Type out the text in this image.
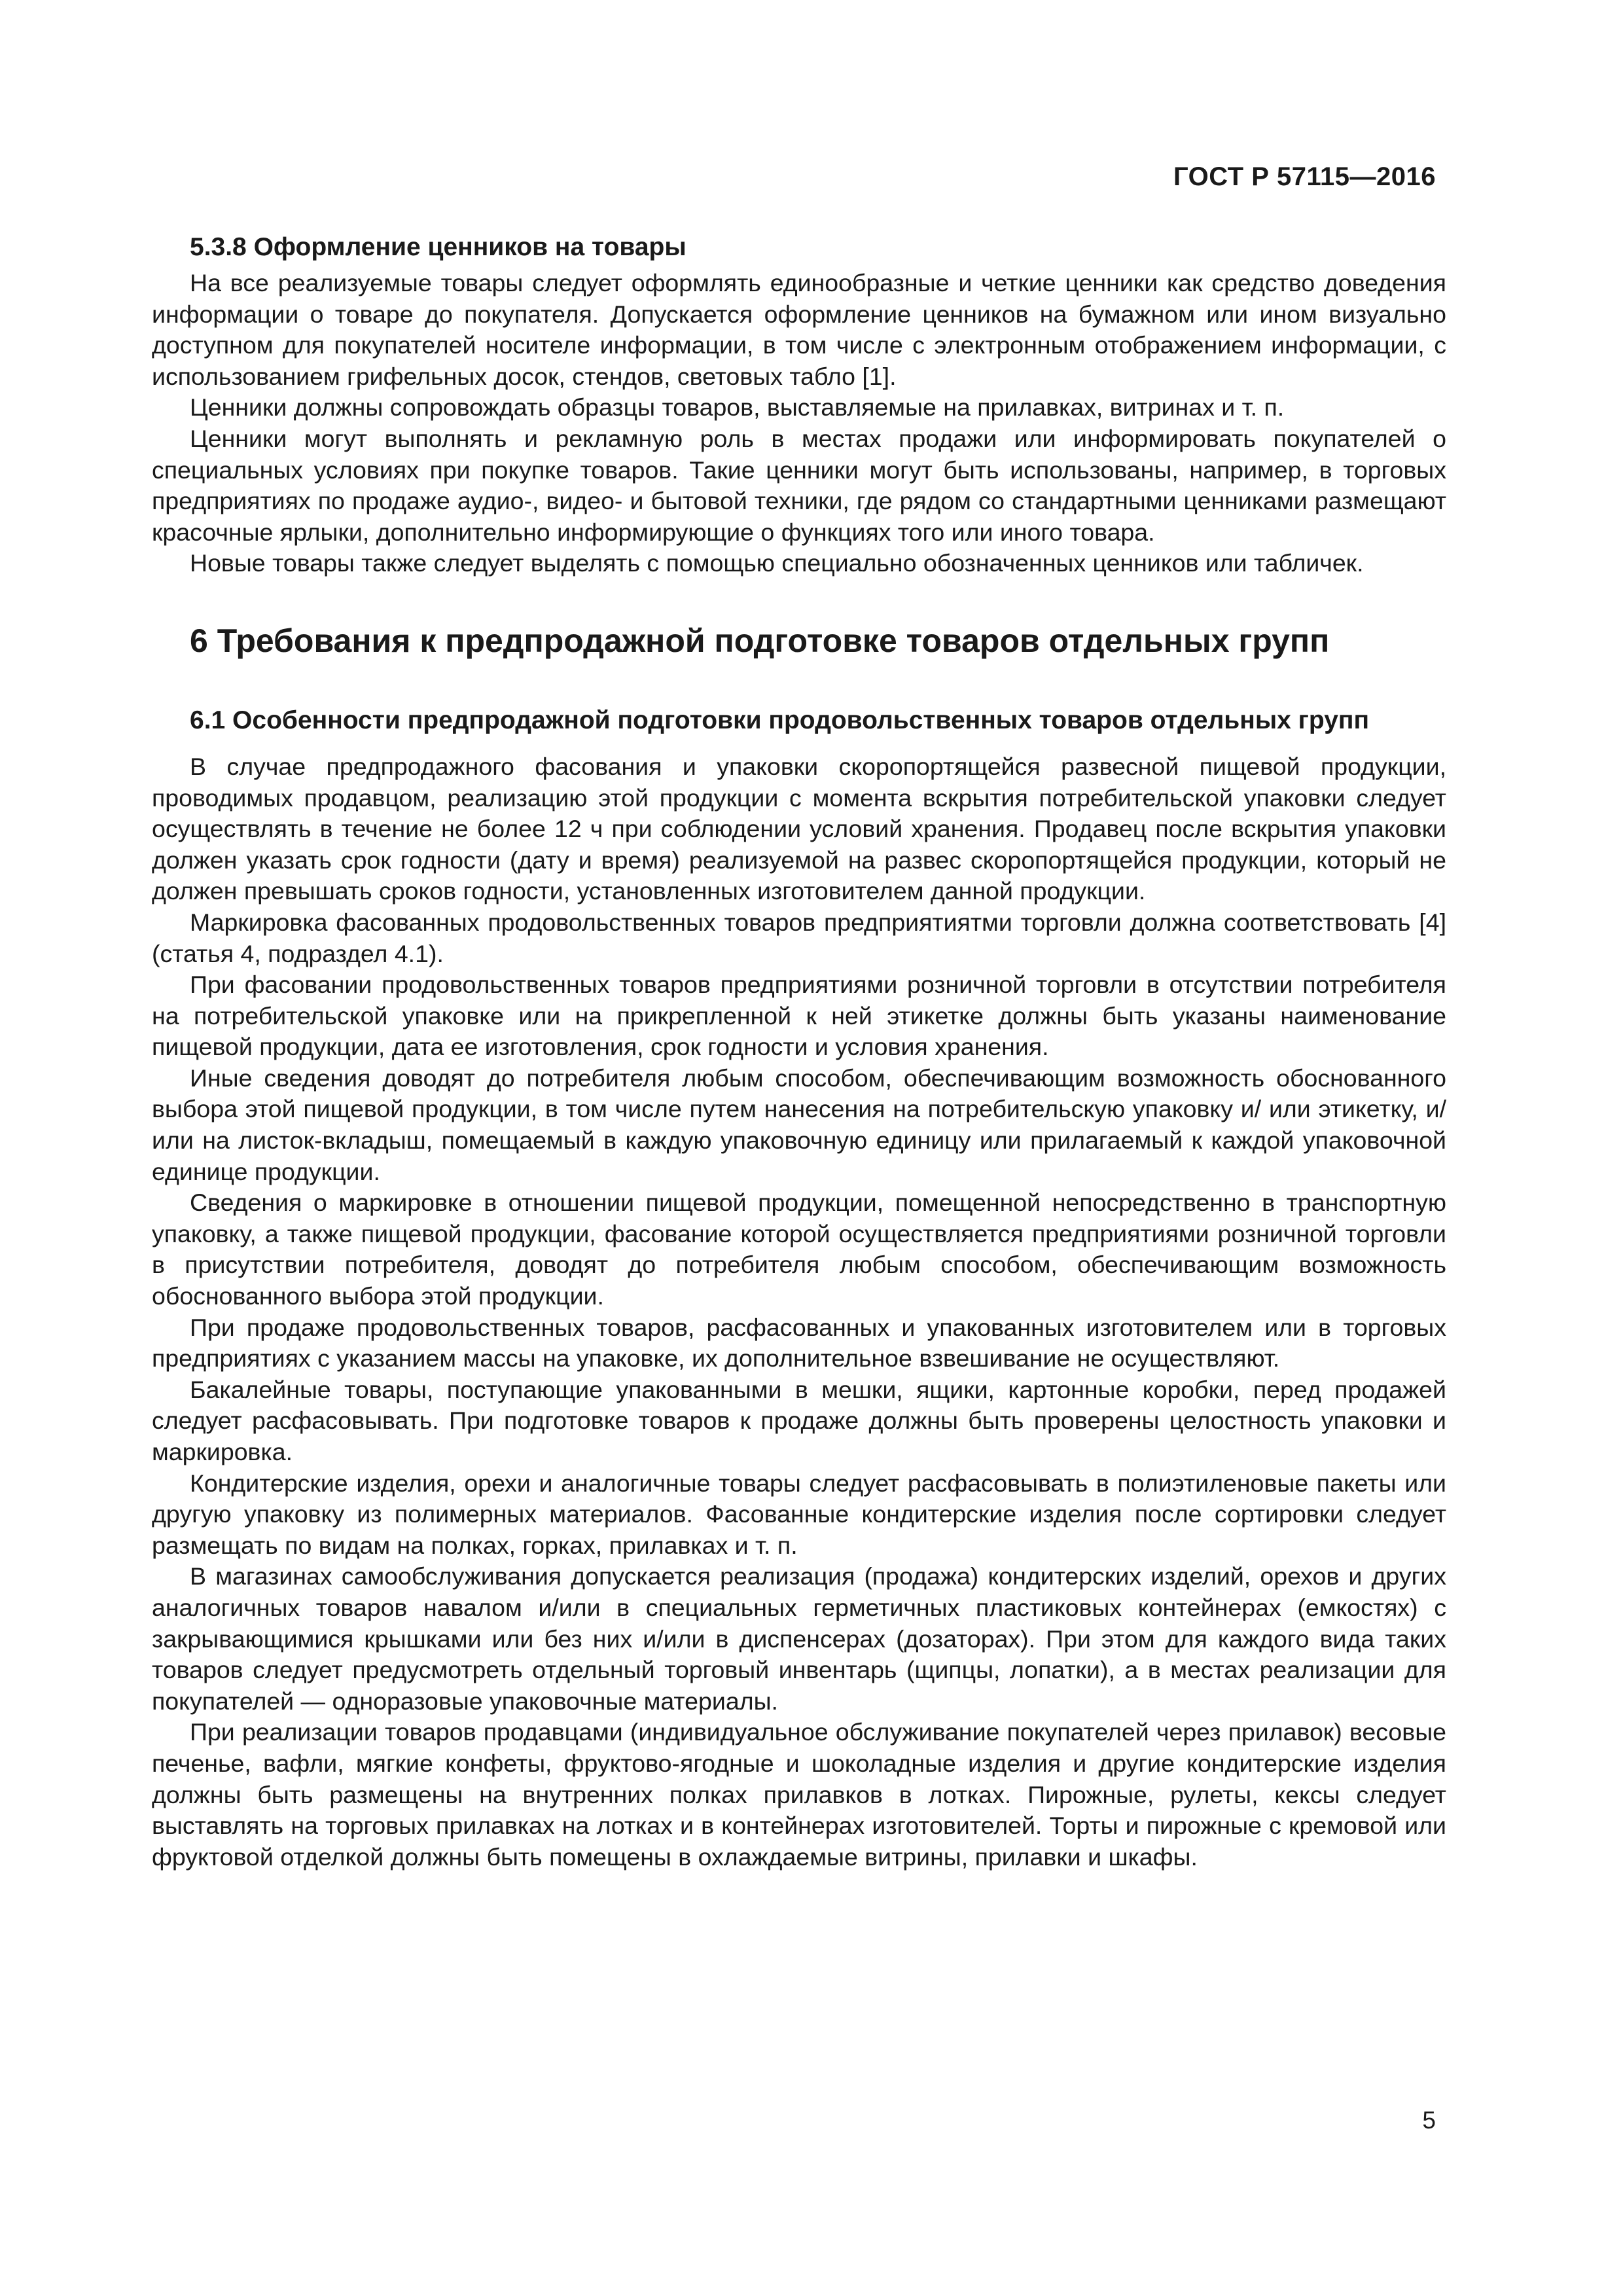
ГОСТ Р 57115—2016
5.3.8 Оформление ценников на товары

На все реализуемые товары следует оформлять единообразные и четкие ценники как средство доведения информации о товаре до покупателя. Допускается оформление ценников на бумажном или ином визуально доступном для покупателей носителе информации, в том числе с электронным отображением информации, с использованием грифельных досок, стендов, световых табло [1].

Ценники должны сопровождать образцы товаров, выставляемые на прилавках, витринах и т. п.

Ценники могут выполнять и рекламную роль в местах продажи или информировать покупателей о специальных условиях при покупке товаров. Такие ценники могут быть использованы, например, в торговых предприятиях по продаже аудио-, видео- и бытовой техники, где рядом со стандартными ценниками размещают красочные ярлыки, дополнительно информирующие о функциях того или иного товара.

Новые товары также следует выделять с помощью специально обозначенных ценников или табличек.

6 Требования к предпродажной подготовке товаров отдельных групп
6.1 Особенности предпродажной подготовки продовольственных товаров отдельных групп

В случае предпродажного фасования и упаковки скоропортящейся развесной пищевой продукции, проводимых продавцом, реализацию этой продукции с момента вскрытия потребительской упаковки следует осуществлять в течение не более 12 ч при соблюдении условий хранения. Продавец после вскрытия упаковки должен указать срок годности (дату и время) реализуемой на развес скоропортящейся продукции, который не должен превышать сроков годности, установленных изготовителем данной продукции.

Маркировка фасованных продовольственных товаров предприятиятми торговли должна соответствовать [4] (статья 4, подраздел 4.1).

При фасовании продовольственных товаров предприятиями розничной торговли в отсутствии потребителя на потребительской упаковке или на прикрепленной к ней этикетке должны быть указаны наименование пищевой продукции, дата ее изготовления, срок годности и условия хранения.

Иные сведения доводят до потребителя любым способом, обеспечивающим возможность обоснованного выбора этой пищевой продукции, в том числе путем нанесения на потребительскую упаковку и/ или этикетку, и/или на листок-вкладыш, помещаемый в каждую упаковочную единицу или прилагаемый к каждой упаковочной единице продукции.

Сведения о маркировке в отношении пищевой продукции, помещенной непосредственно в транспортную упаковку, а также пищевой продукции, фасование которой осуществляется предприятиями розничной торговли в присутствии потребителя, доводят до потребителя любым способом, обеспечивающим возможность обоснованного выбора этой продукции.

При продаже продовольственных товаров, расфасованных и упакованных изготовителем или в торговых предприятиях с указанием массы на упаковке, их дополнительное взвешивание не осуществляют.

Бакалейные товары, поступающие упакованными в мешки, ящики, картонные коробки, перед продажей следует расфасовывать. При подготовке товаров к продаже должны быть проверены целостность упаковки и маркировка.

Кондитерские изделия, орехи и аналогичные товары следует расфасовывать в полиэтиленовые пакеты или другую упаковку из полимерных материалов. Фасованные кондитерские изделия после сортировки следует размещать по видам на полках, горках, прилавках и т. п.

В магазинах самообслуживания допускается реализация (продажа) кондитерских изделий, орехов и других аналогичных товаров навалом и/или в специальных герметичных пластиковых контейнерах (емкостях) с закрывающимися крышками или без них и/или в диспенсерах (дозаторах). При этом для каждого вида таких товаров следует предусмотреть отдельный торговый инвентарь (щипцы, лопатки), а в местах реализации для покупателей — одноразовые упаковочные материалы.

При реализации товаров продавцами (индивидуальное обслуживание покупателей через прилавок) весовые печенье, вафли, мягкие конфеты, фруктово-ягодные и шоколадные изделия и другие кондитерские изделия должны быть размещены на внутренних полках прилавков в лотках. Пирожные, рулеты, кексы следует выставлять на торговых прилавках на лотках и в контейнерах изготовителей. Торты и пирожные с кремовой или фруктовой отделкой должны быть помещены в охлаждаемые витрины, прилавки и шкафы.

5
